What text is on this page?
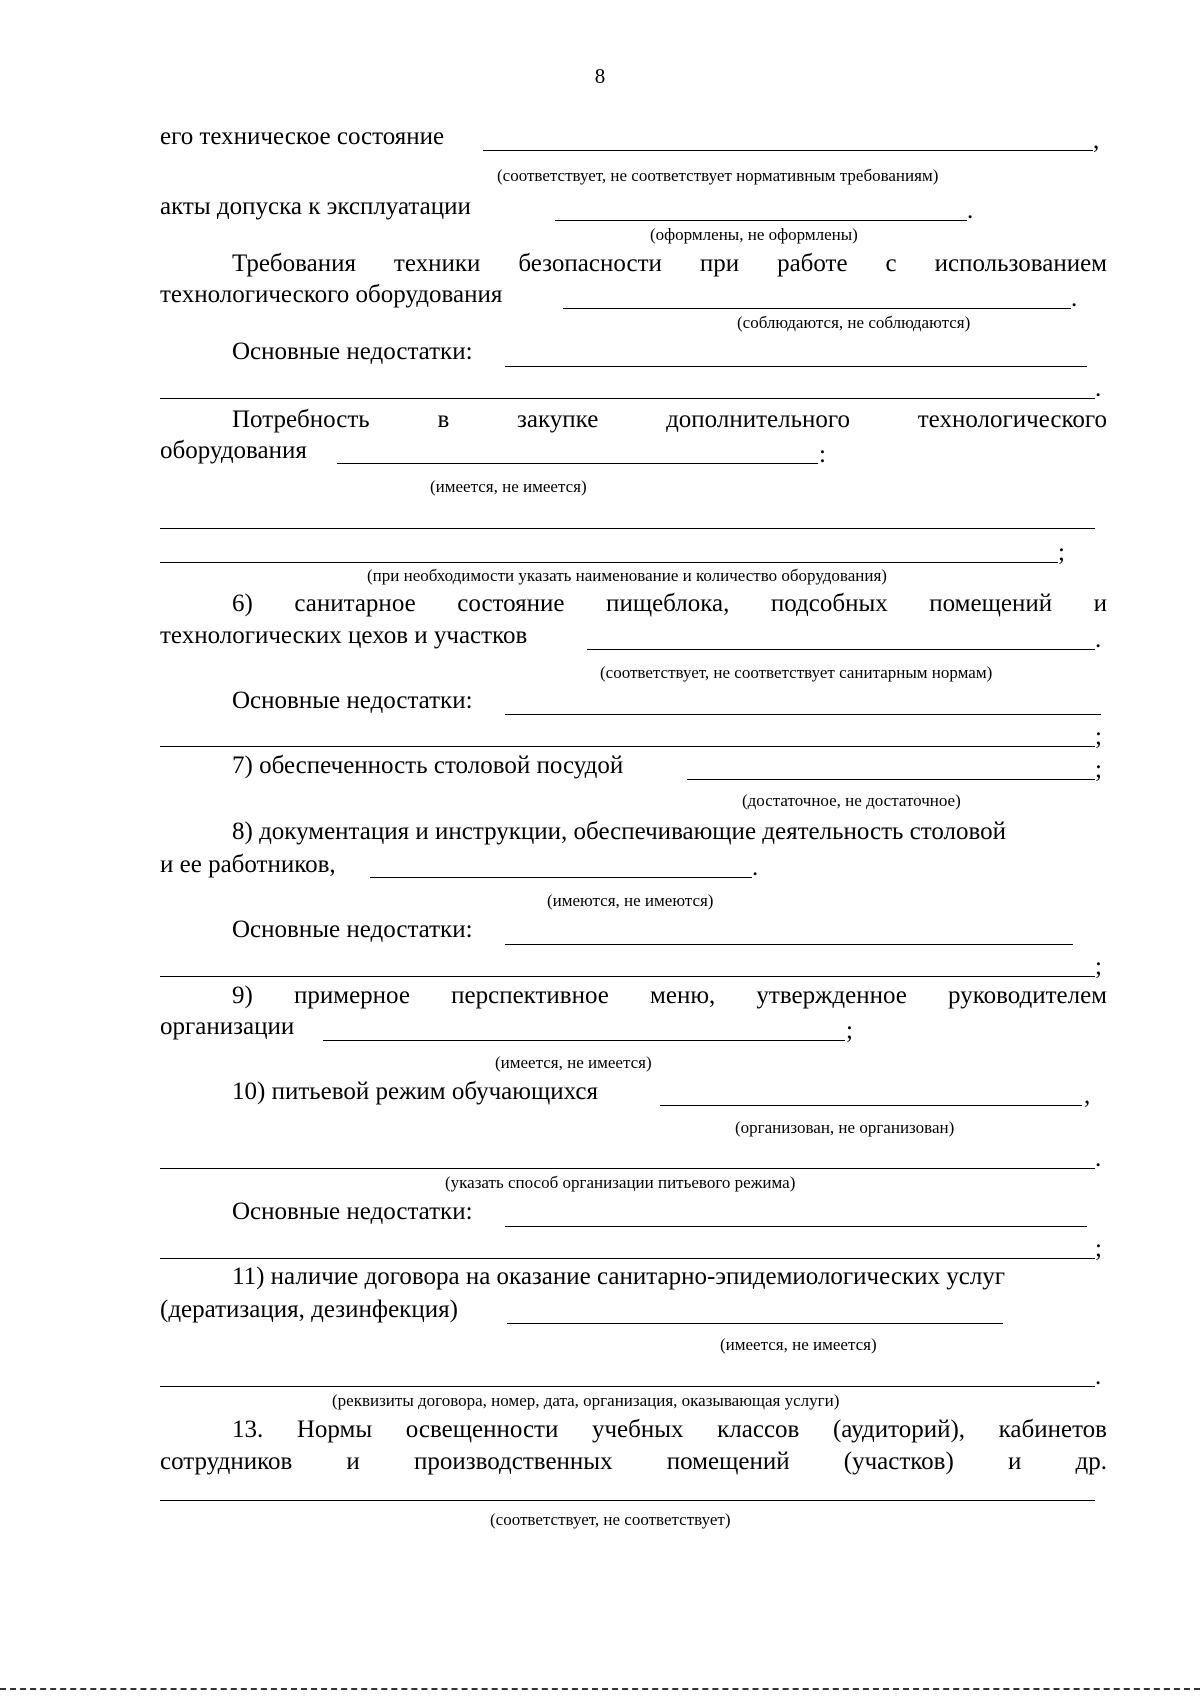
8
его техническое состояние	,
(соответствует, не соответствует нормативным требованиям)
акты допуска к эксплуатации	.
(оформлены, не оформлены)
Требования техники безопасности при работе с использованием
технологического оборудования	.
(соблюдаются, не соблюдаются)
Основные недостатки:
.
Потребность в закупке дополнительного технологического
оборудования	:
(имеется, не имеется)
;
(при необходимости указать наименование и количество оборудования)
6) санитарное состояние пищеблока, подсобных помещений и
технологических цехов и участков	.
(соответствует, не соответствует санитарным нормам)
Основные недостатки:
;
7) обеспеченность столовой посудой	;
(достаточное, не достаточное)
8) документация и инструкции, обеспечивающие деятельность столовой
и ее работников,	.
(имеются, не имеются)
Основные недостатки:
;
9) примерное перспективное меню, утвержденное руководителем
организации	;
(имеется, не имеется)
10) питьевой режим обучающихся	,
(организован, не организован)
.
(указать способ организации питьевого режима)
Основные недостатки:
;
11) наличие договора на оказание санитарно-эпидемиологических услуг
(дератизация, дезинфекция)
(имеется, не имеется)
.
(реквизиты договора, номер, дата, организация, оказывающая услуги)
13. Нормы освещенности учебных классов (аудиторий), кабинетов
сотрудников и производственных помещений (участков) и др.
(соответствует, не соответствует)
